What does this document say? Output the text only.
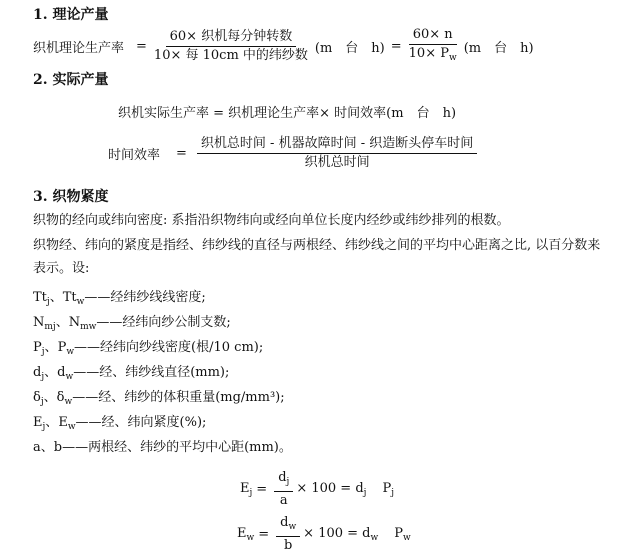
1. 理论产量
织机理论生产率 = $\frac{\text{60× 织机每分钟转数}}{\text{10× 每 10cm 中的纬纱数}} (m$　台　$h) = \frac{60\times n}{10\times P_w} (m$　台　h)
2. 实际产量
织机实际生产率 = 织机理论生产率× 时间效率(m　台　h)
时间效率 = $\frac{\text{织机总时间 - 机器故障时间 - 织造断头停车时间}}{\text{织机总时间}}$
3. 织物紧度
织物的经向或纬向密度: 系指沿织物纬向或经向单位长度内经纱或纬纱排列的根数。
织物经、纬向的紧度是指经、纬纱线的直径与两根经、纬纱线之间的平均中心距离之比, 以百分数来表示。设:
$Tt_j$、$Tt_w——$经纬纱线线密度;
$N_{mj}$、$N_{mw}——$经纬向纱公制支数;
$P_j$、$P_w——$经纬向纱线密度(根/10 cm);
$d_j$、$d_w——$经、纬纱线直径(mm);
$\delta_j$、$\delta_w——$经、纬纱的体积重量(mg/mm³);
$E_j$、$E_w——$经、纬向紧度(%);
a、b——两根经、纬纱的平均中心距(mm)。
$E_j = \frac{d_j}{a} \times 100 = d_j$ $P_j$
$E_w = \frac{d_w}{b} \times 100 = d_w$ $P_w$
